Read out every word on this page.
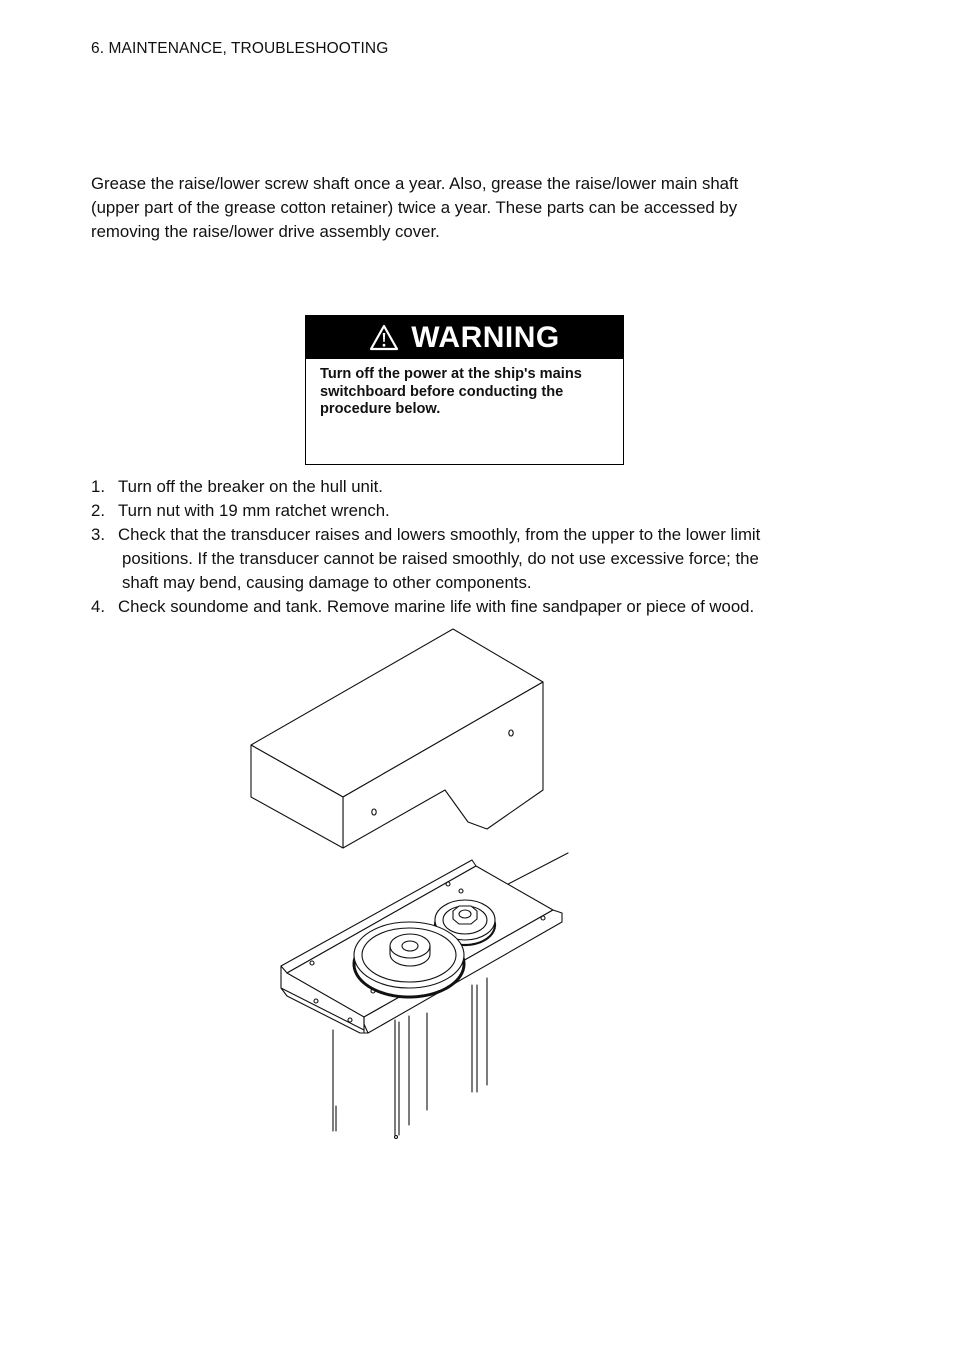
6. MAINTENANCE, TROUBLESHOOTING
Grease the raise/lower screw shaft once a year. Also, grease the raise/lower main shaft
(upper part of the grease cotton retainer) twice a year. These parts can be accessed by
removing the raise/lower drive assembly cover.
WARNING
Turn off the power at the ship's mains
switchboard before conducting the
procedure below.
1. Turn off the breaker on the hull unit.
2. Turn nut with 19 mm ratchet wrench.
3. Check that the transducer raises and lowers smoothly, from the upper to the lower limit
positions. If the transducer cannot be raised smoothly, do not use excessive force; the
shaft may bend, causing damage to other components.
4. Check soundome and tank. Remove marine life with fine sandpaper or piece of wood.
